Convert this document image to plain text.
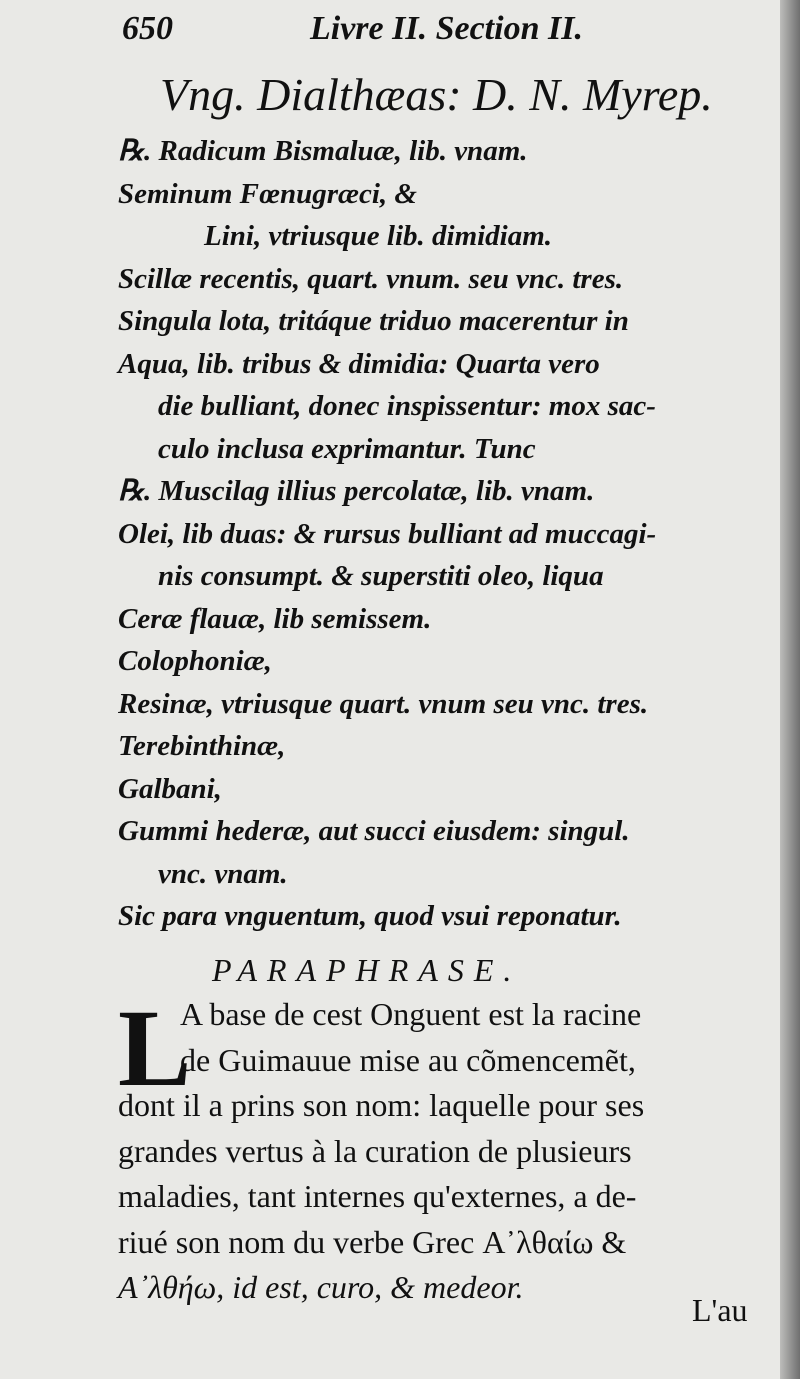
650	Livre II. Section II.
Vng. Dialthæas: D. N. Myrep.
℞. Radicum Bismaluæ, lib. vnam.
Seminum Fœnugræci, &
Lini, vtriusque lib. dimidiam.
Scillæ recentis, quart. vnum. seu vnc. tres.
Singula lota, tritáque triduo macerentur in
Aqua, lib. tribus & dimidia: Quarta vero
die bulliant, donec inspissentur: mox sac-
culo inclusa exprimantur. Tunc
℞. Muscilag illius percolatæ, lib. vnam.
Olei, lib duas: & rursus bulliant ad muccagi-
nis consumpt. & superstiti oleo, liqua
Ceræ flauæ, lib semissem.
Colophoniæ,
Resinæ, vtriusque quart. vnum seu vnc. tres.
Terebinthinæ,
Galbani,
Gummi hederæ, aut succi eiusdem: singul.
vnc. vnam.
Sic para vnguentum, quod vsui reponatur.
PARAPHRASE.
L
A base de cest Onguent est la racine
de Guimauue mise au cõmencemẽt,
dont il a prins son nom: laquelle pour ses
grandes vertus à la curation de plusieurs
maladies, tant internes qu'externes, a de-
riué son nom du verbe Grec Α᾽λθαίω &
Α᾽λθήω, id est, curo, & medeor.
L'au
